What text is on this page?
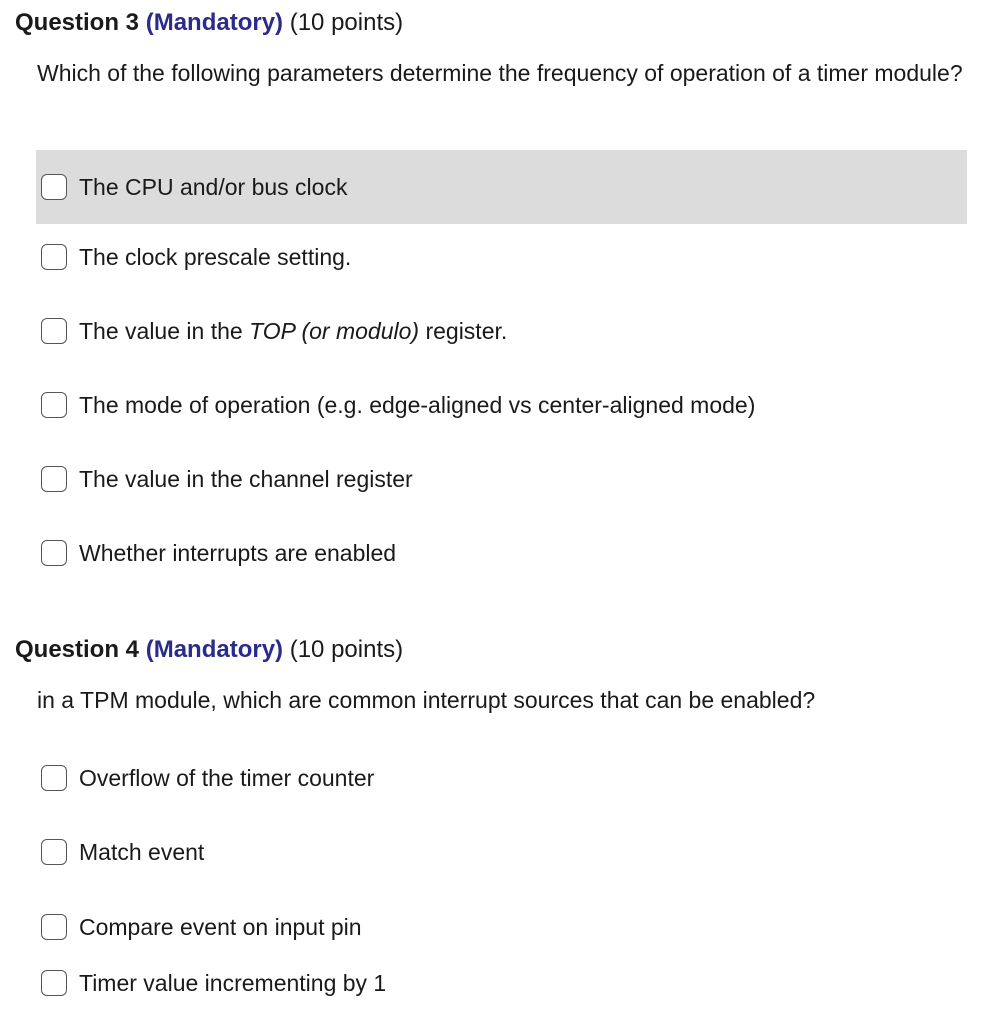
Question 3 (Mandatory) (10 points)
Which of the following parameters determine the frequency of operation of a timer module?
The CPU and/or bus clock
The clock prescale setting.
The value in the TOP (or modulo) register.
The mode of operation (e.g. edge-aligned vs center-aligned mode)
The value in the channel register
Whether interrupts are enabled
Question 4 (Mandatory) (10 points)
in a TPM module, which are common interrupt sources that can be enabled?
Overflow of the timer counter
Match event
Compare event on input pin
Timer value incrementing by 1
